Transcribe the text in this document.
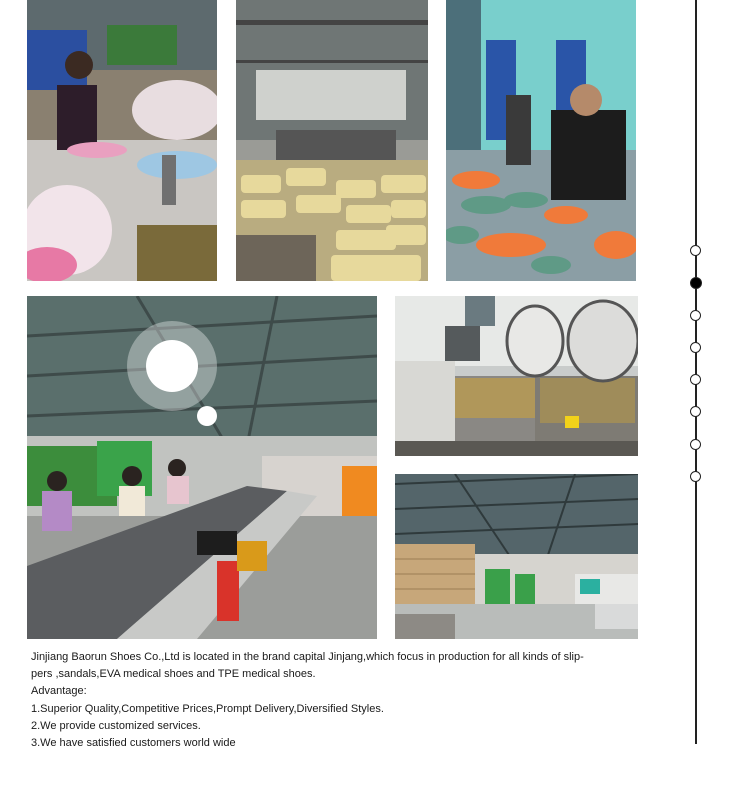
Jinjiang Baorun Shoes Co.,Ltd is located in the brand capital Jinjang,which focus in production for all kinds of slip-

pers ,sandals,EVA medical shoes and TPE medical shoes.

Advantage:

1.Superior Quality,Competitive Prices,Prompt Delivery,Diversified Styles.

2.We provide customized services.

3.We have satisfied customers world wide
